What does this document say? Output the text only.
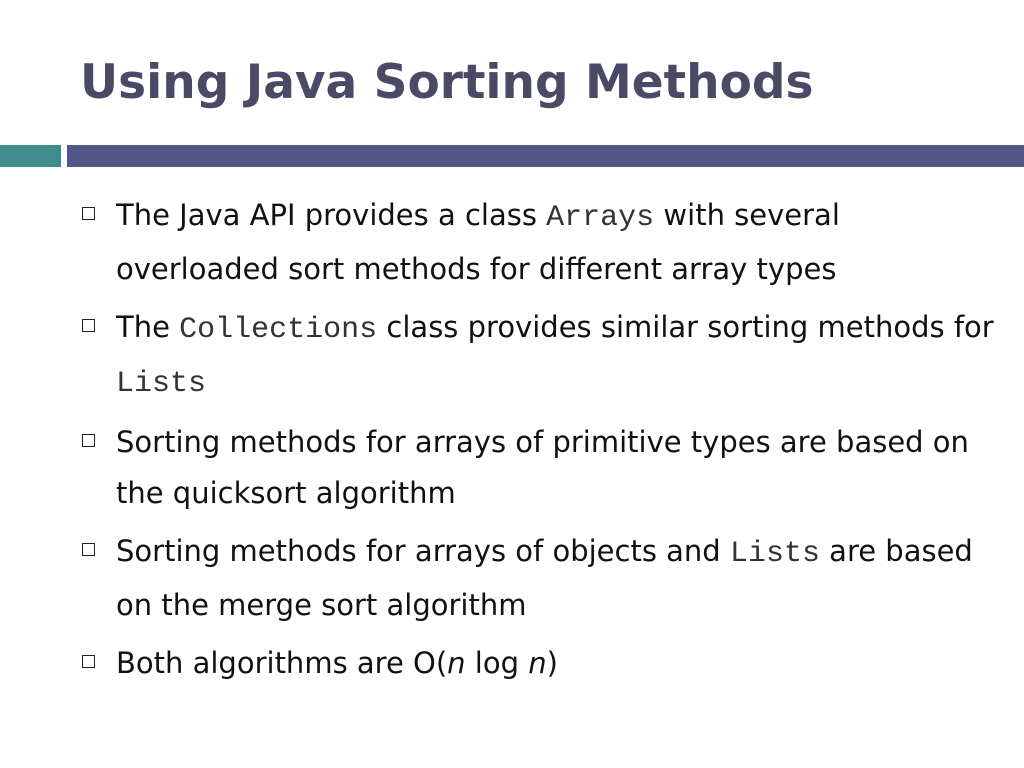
Using Java Sorting Methods
The Java API provides a class Arrays with several overloaded sort methods for different array types
The Collections class provides similar sorting methods for Lists
Sorting methods for arrays of primitive types are based on the quicksort algorithm
Sorting methods for arrays of objects and Lists are based on the merge sort algorithm
Both algorithms are O(n log n)
